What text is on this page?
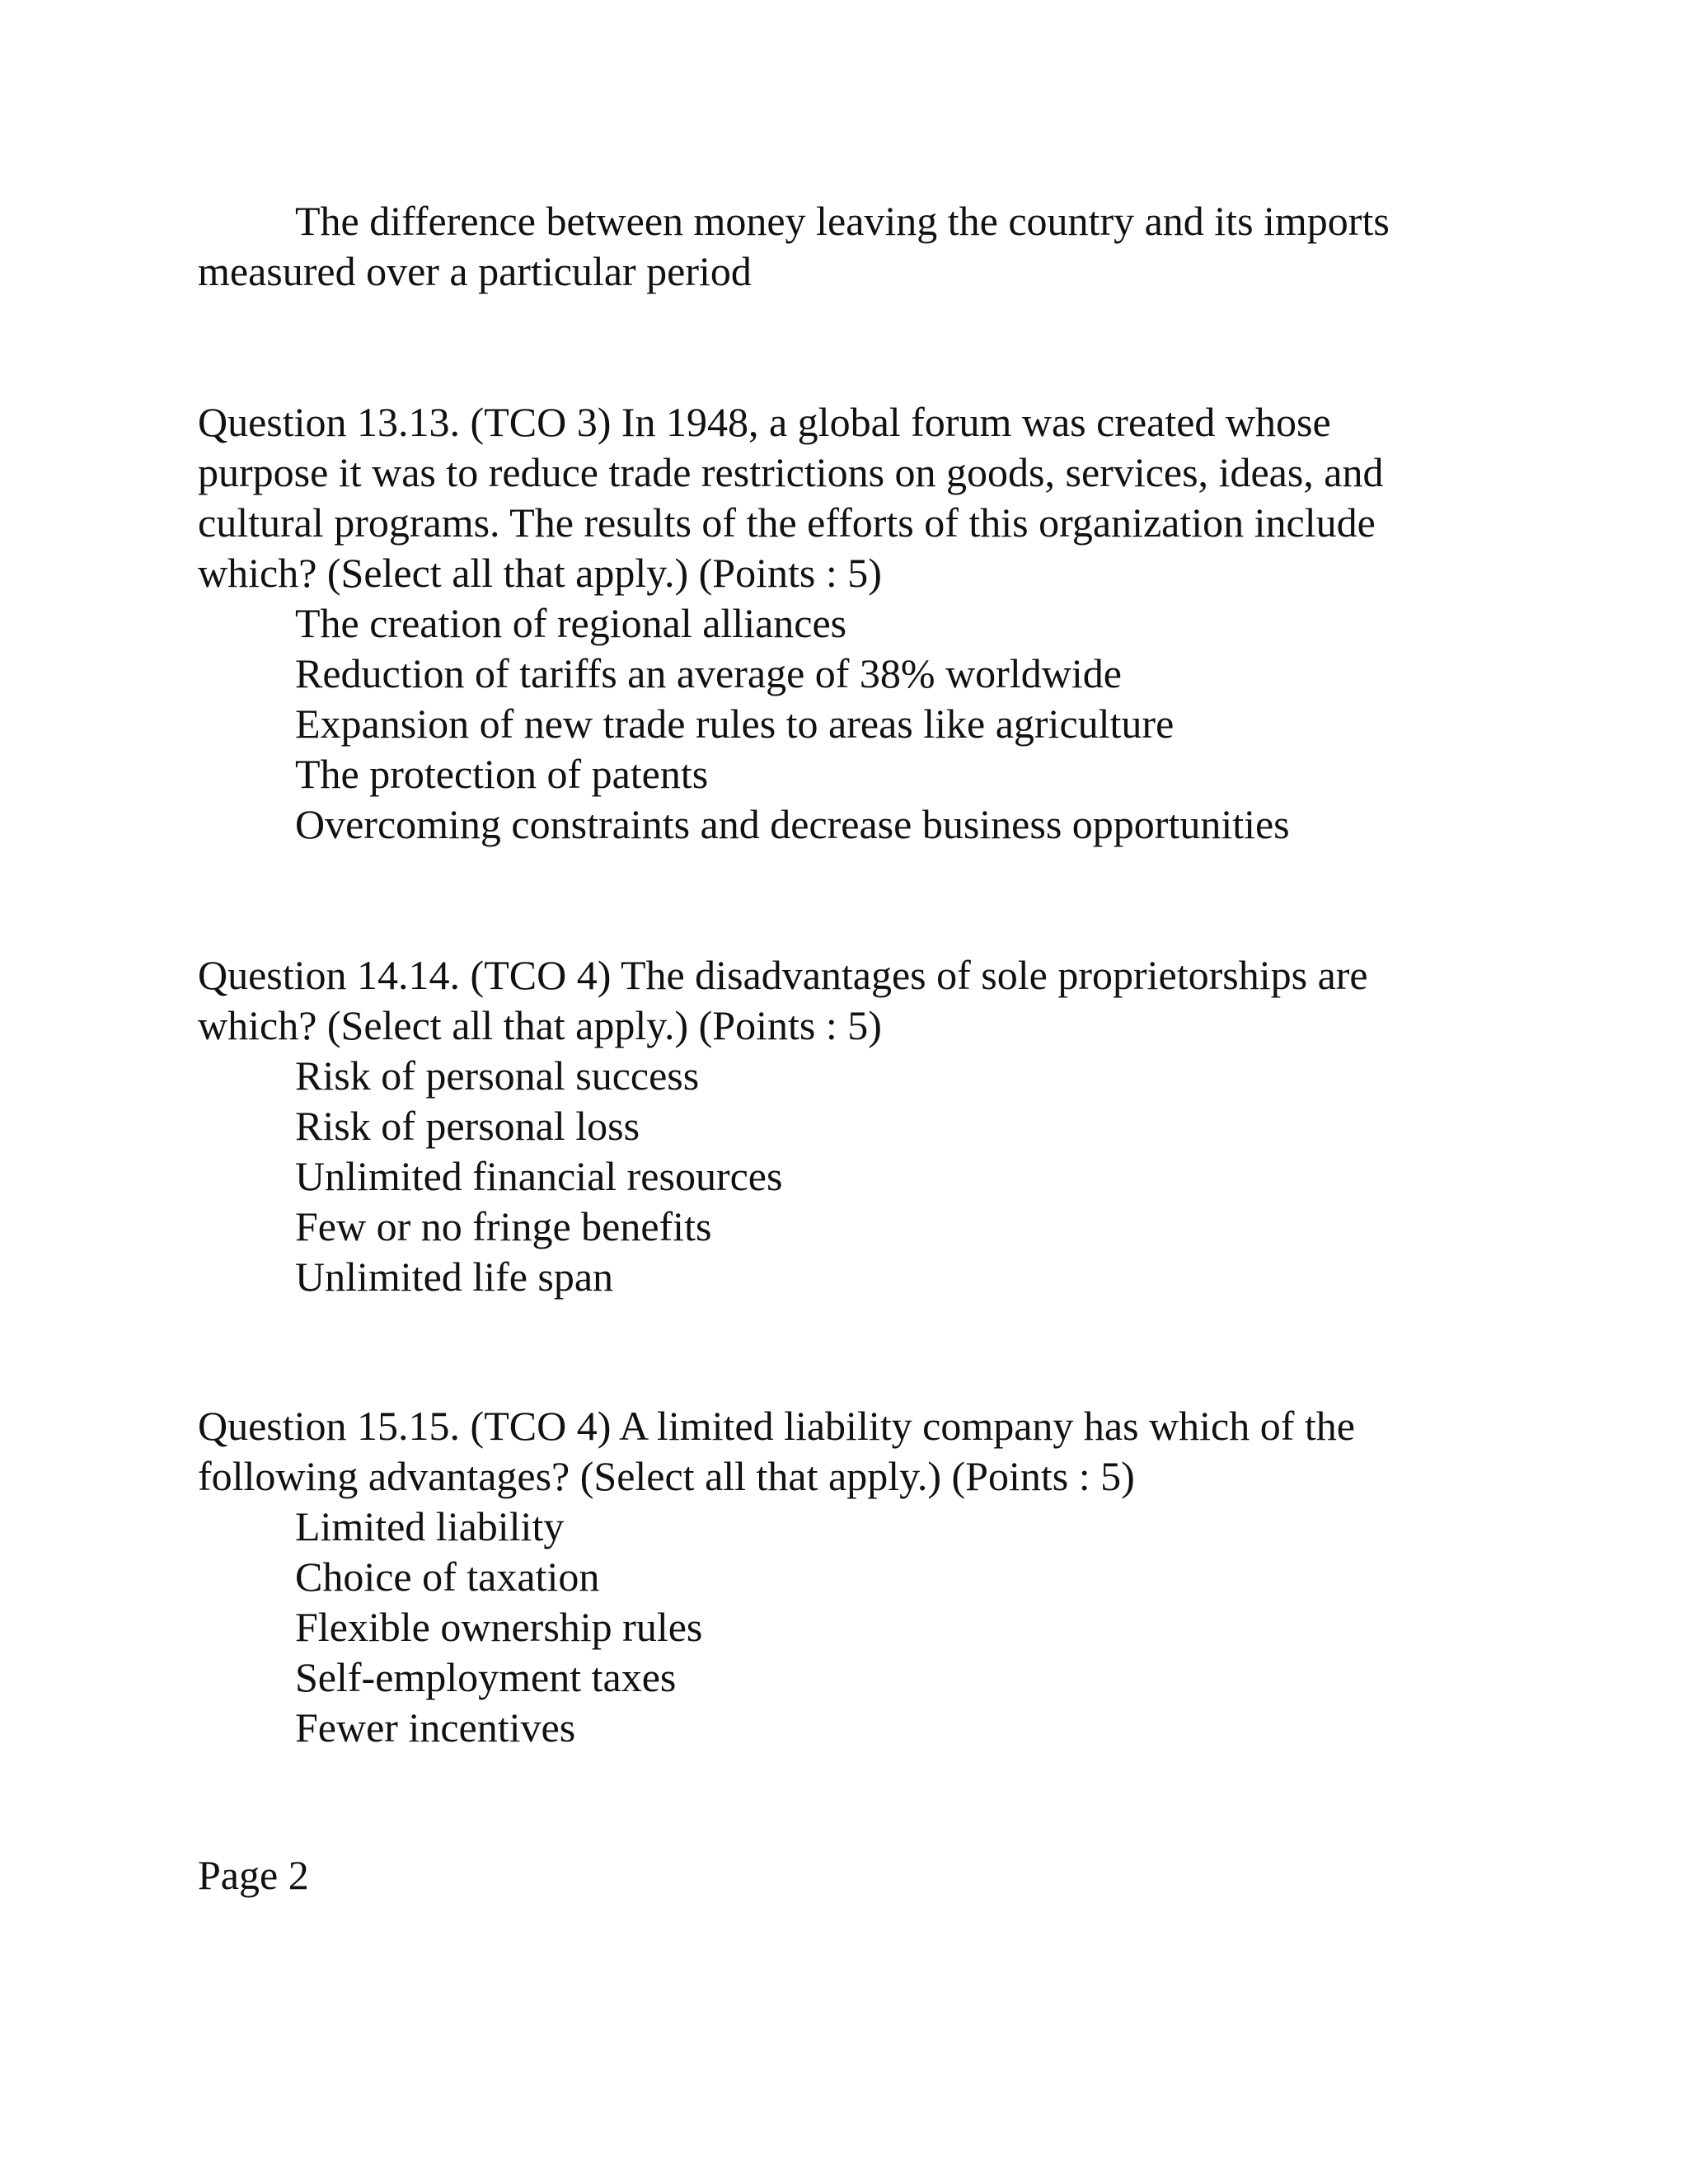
The difference between money leaving the country and its imports
measured over a particular period
Question 13.13. (TCO 3) In 1948, a global forum was created whose
purpose it was to reduce trade restrictions on goods, services, ideas, and
cultural programs. The results of the efforts of this organization include
which? (Select all that apply.) (Points : 5)
The creation of regional alliances
Reduction of tariffs an average of 38% worldwide
Expansion of new trade rules to areas like agriculture
The protection of patents
Overcoming constraints and decrease business opportunities
Question 14.14. (TCO 4) The disadvantages of sole proprietorships are
which? (Select all that apply.) (Points : 5)
Risk of personal success
Risk of personal loss
Unlimited financial resources
Few or no fringe benefits
Unlimited life span
Question 15.15. (TCO 4) A limited liability company has which of the
following advantages? (Select all that apply.) (Points : 5)
Limited liability
Choice of taxation
Flexible ownership rules
Self-employment taxes
Fewer incentives
Page 2
